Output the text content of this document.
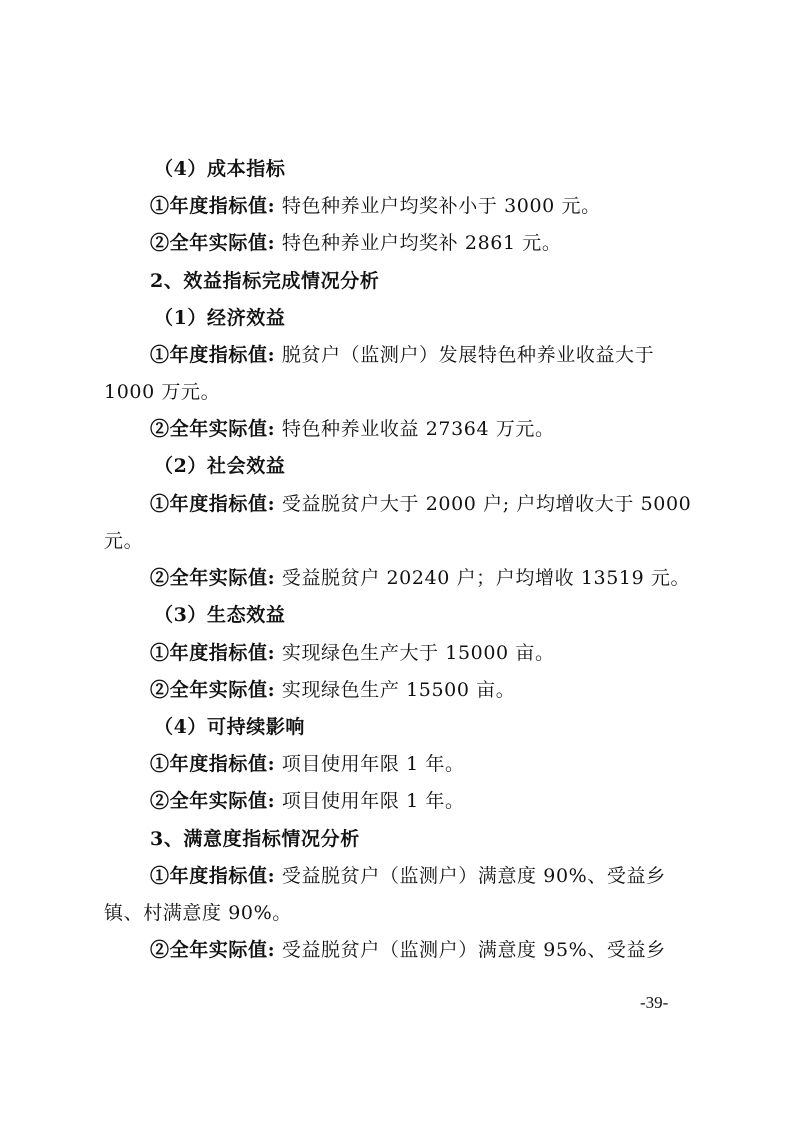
（4）成本指标
①年度指标值: 特色种养业户均奖补小于 3000 元。
②全年实际值: 特色种养业户均奖补 2861 元。
2、效益指标完成情况分析
（1）经济效益
①年度指标值: 脱贫户（监测户）发展特色种养业收益大于
1000 万元。
②全年实际值: 特色种养业收益 27364 万元。
（2）社会效益
①年度指标值: 受益脱贫户大于 2000 户; 户均增收大于 5000
元。
②全年实际值: 受益脱贫户 20240 户；户均增收 13519 元。
（3）生态效益
①年度指标值: 实现绿色生产大于 15000 亩。
②全年实际值: 实现绿色生产 15500 亩。
（4）可持续影响
①年度指标值: 项目使用年限 1 年。
②全年实际值: 项目使用年限 1 年。
3、满意度指标情况分析
①年度指标值: 受益脱贫户（监测户）满意度 90%、受益乡
镇、村满意度 90%。
②全年实际值: 受益脱贫户（监测户）满意度 95%、受益乡
-39-
